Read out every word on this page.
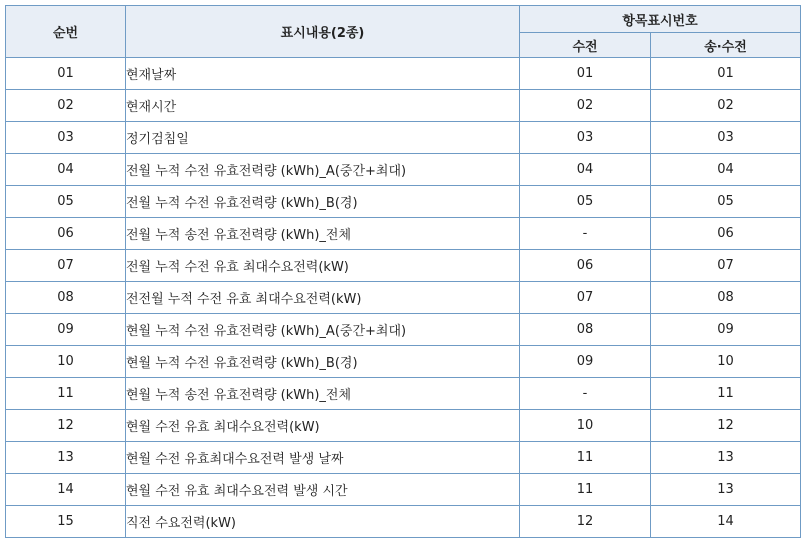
순번	표시내용(2종)	항목표시번호	
		수전	송·수전
01	현재날짜	01	01
02	현재시간	02	02
03	정기검침일	03	03
04	전월 누적 수전 유효전력량 (kWh)_A(중간+최대)	04	04
05	전월 누적 수전 유효전력량 (kWh)_B(경)	05	05
06	전월 누적 송전 유효전력량 (kWh)_전체	-	06
07	전월 누적 수전 유효 최대수요전력(kW)	06	07
08	전전월 누적 수전 유효 최대수요전력(kW)	07	08
09	현월 누적 수전 유효전력량 (kWh)_A(중간+최대)	08	09
10	현월 누적 수전 유효전력량 (kWh)_B(경)	09	10
11	현월 누적 송전 유효전력량 (kWh)_전체	-	11
12	현월 수전 유효 최대수요전력(kW)	10	12
13	현월 수전 유효최대수요전력 발생 날짜	11	13
14	현월 수전 유효 최대수요전력 발생 시간	11	13
15	직전 수요전력(kW)	12	14
